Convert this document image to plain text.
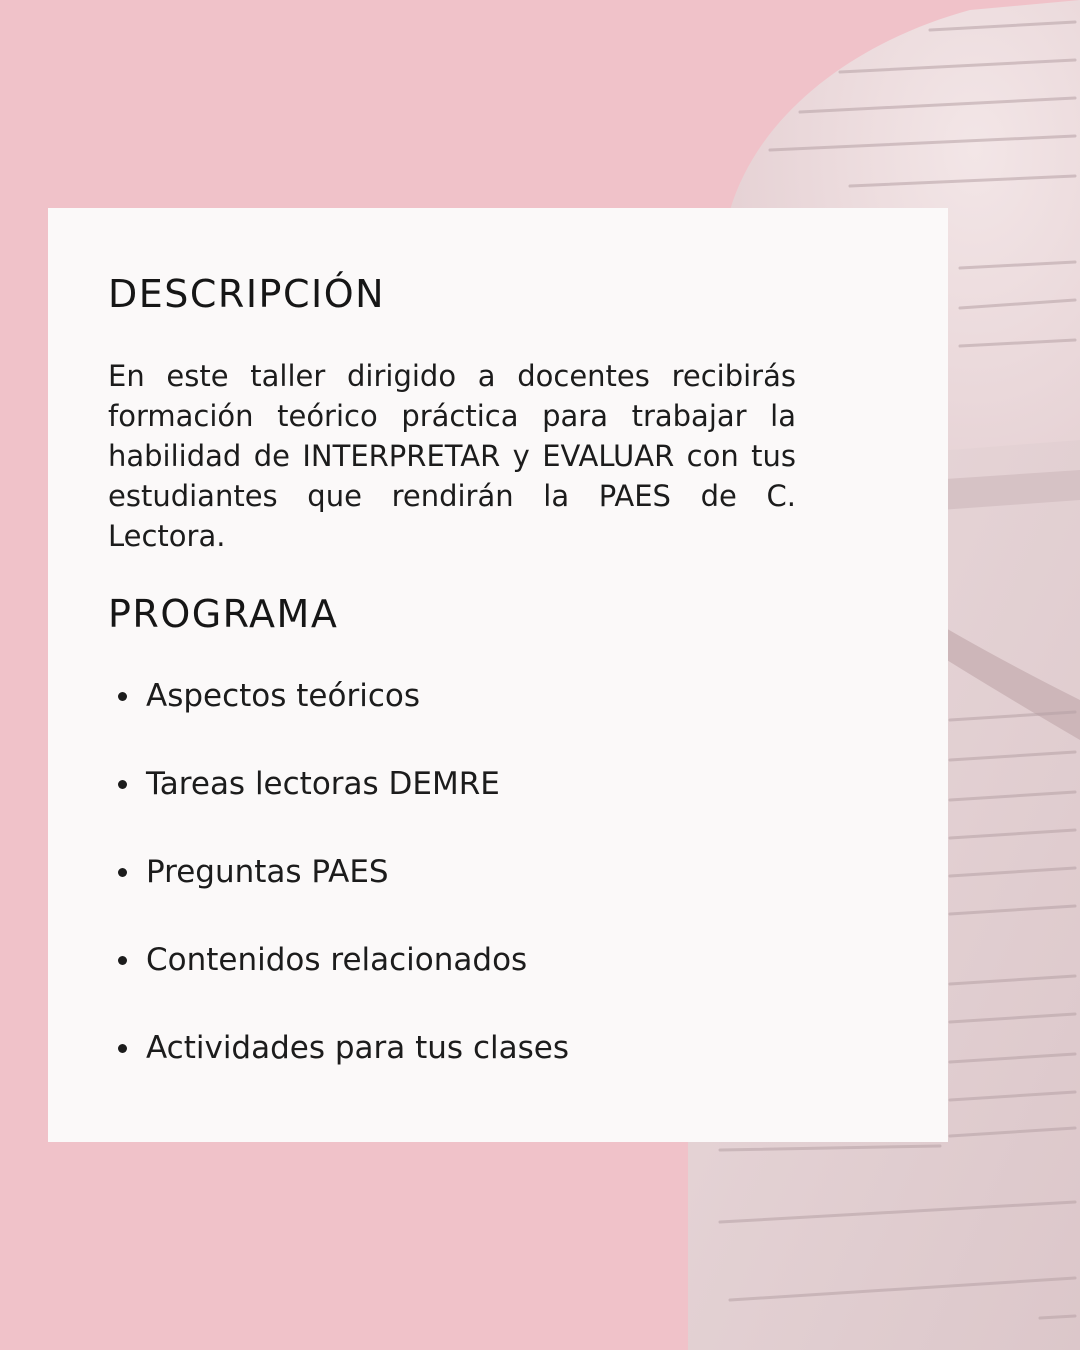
DESCRIPCIÓN

En este taller dirigido a docentes recibirás formación teórico práctica para trabajar la habilidad de INTERPRETAR y EVALUAR con tus estudiantes que rendirán la PAES de C. Lectora.

PROGRAMA
Aspectos teóricos
Tareas lectoras DEMRE
Preguntas PAES
Contenidos relacionados
Actividades para tus clases
